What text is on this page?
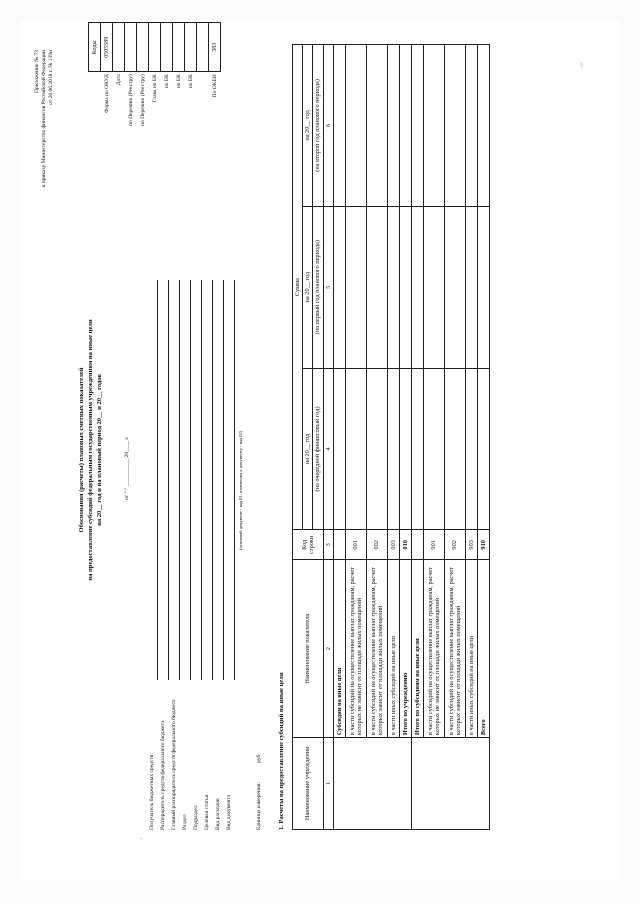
Приложение № 73 к приказу Министерства финансов Российской Федерации от 20.06.2018 г. № 139н
Обоснования (расчеты) плановых сметных показателей на предоставление субсидий федеральным государственным учреждениям на иные цели на 20__ год и на плановый период 20__ и 20__ годов	от " " __________ 20____ г.
	Коды
Форма по ОКУД	0505589
Дата	
по Перечню (Реестру)	
по Перечню (Реестру)	
Глава по БК	
по БК	
по БК	
по БК	

По ОКЕИ	383
Получатель бюджетных средств Распорядитель средств федерального бюджета Главный распорядитель средств федерального бюджета Раздел Подраздел Целевая статья Вид расходов Вид документа
(основной документ - код 01; изменения к документу - код 02)
Единица измерения: руб 1. Расчеты на предоставление субсидий на иные цели	Наименование учреждения	Наименование показателя	Код строки	Сумма		
			на 20__ год	на 20__ год	на 20__ год
			(на очередной финансовый год)	(на первый год планового периода)	(на второй год планового периода)
1	2	3	4	5	6
	Субсидии на иные цели				
	в части субсидий на осуществление выплат гражданам, расчет которых не зависит от площади жилых помещений	001			
	в части субсидий на осуществление выплат гражданам, расчет которых зависит от площади жилых помещений	002			
	в части иных субсидий на иные цели	003			
	Итого по учреждению	010			
	Итого по субсидиям на иные цели				
	в части субсидий на осуществление выплат гражданам, расчет которых не зависит от площади жилых помещений	901			
	в части субсидий на осуществление выплат гражданам, расчет которых зависит от площади жилых помещений	902			
	в части иных субсидий на иные цели	903			
	Всего	910			
